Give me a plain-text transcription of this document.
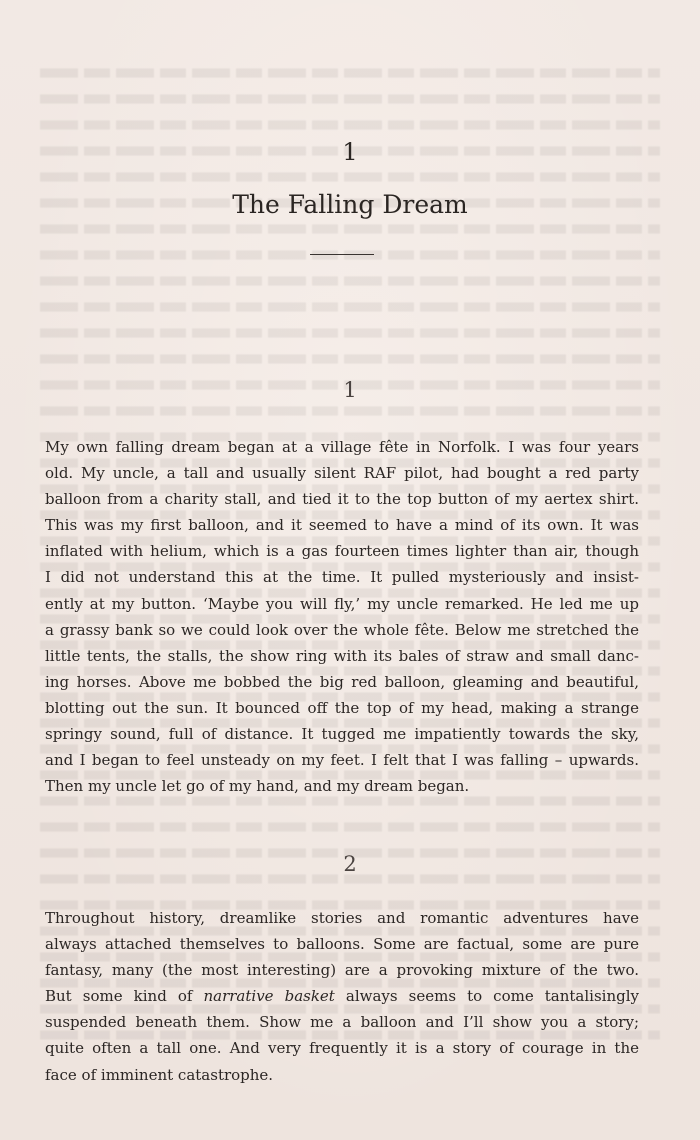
1
The Falling Dream
1

My own falling dream began at a village fête in Norfolk. I was four years
old. My uncle, a tall and usually silent RAF pilot, had bought a red party
balloon from a charity stall, and tied it to the top button of my aertex shirt.
This was my first balloon, and it seemed to have a mind of its own. It was
inflated with helium, which is a gas fourteen times lighter than air, though
I did not understand this at the time. It pulled mysteriously and insist-
ently at my button. ‘Maybe you will fly,’ my uncle remarked. He led me up
a grassy bank so we could look over the whole fête. Below me stretched the
little tents, the stalls, the show ring with its bales of straw and small danc-
ing horses. Above me bobbed the big red balloon, gleaming and beautiful,
blotting out the sun. It bounced off the top of my head, making a strange
springy sound, full of distance. It tugged me impatiently towards the sky,
and I began to feel unsteady on my feet. I felt that I was falling – upwards.
Then my uncle let go of my hand, and my dream began.

2

Throughout history, dreamlike stories and romantic adventures have
always attached themselves to balloons. Some are factual, some are pure
fantasy, many (the most interesting) are a provoking mixture of the two.
But some kind of narrative basket always seems to come tantalisingly
suspended beneath them. Show me a balloon and I’ll show you a story;
quite often a tall one. And very frequently it is a story of courage in the
face of imminent catastrophe.
